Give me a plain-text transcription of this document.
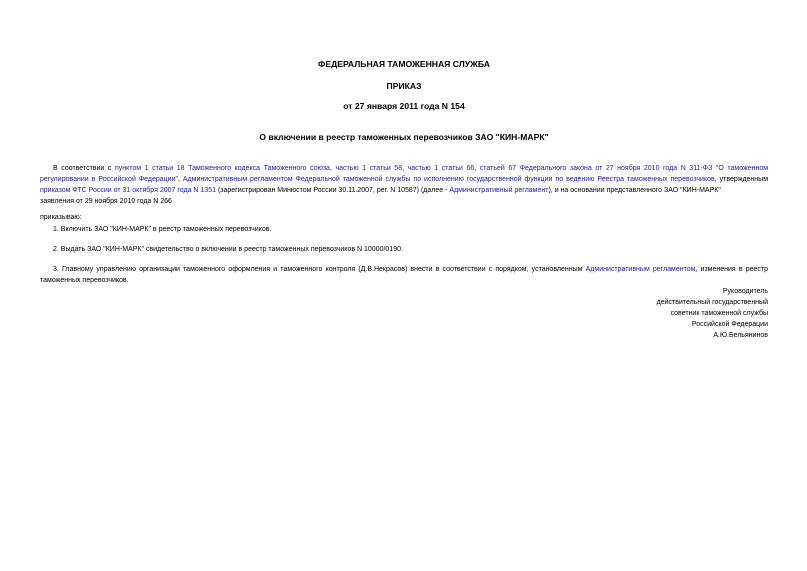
ФЕДЕРАЛЬНАЯ ТАМОЖЕННАЯ СЛУЖБА
ПРИКАЗ
от 27 января 2011 года N 154
О включении в реестр таможенных перевозчиков ЗАО "КИН-МАРК"
В соответствии с пунктом 1 статьи 18 Таможенного кодекса Таможенного союза, частью 1 статьи 58, частью 1 статьи 66, статьей 67 Федерального закона от 27 ноября 2010 года N 311-ФЗ "О таможенном регулировании в Российской Федерации", Административным регламентом Федеральной таможенной службы по исполнению государственной функции по ведению Реестра таможенных перевозчиков, утвержденным приказом ФТС России от 31 октября 2007 года N 1351 (зарегистрирован Минюстом России 30.11.2007, рег. N 10587) (далее - Административный регламент), и на основании представленного ЗАО "КИН-МАРК"
заявления от 29 ноября 2010 года N 266
приказываю:
1. Включить ЗАО "КИН-МАРК" в реестр таможенных перевозчиков.
2. Выдать ЗАО "КИН-МАРК" свидетельство о включении в реестр таможенных перевозчиков N 10000/0190.
3. Главному управлению организации таможенного оформления и таможенного контроля (Д.В.Некрасов) внести в соответствии с порядком, установленным Административным регламентом, изменения в реестр таможенных перевозчиков.
Руководитель
действительный государственный
советник таможенной службы
Российской Федерации
А.Ю.Бельянинов
